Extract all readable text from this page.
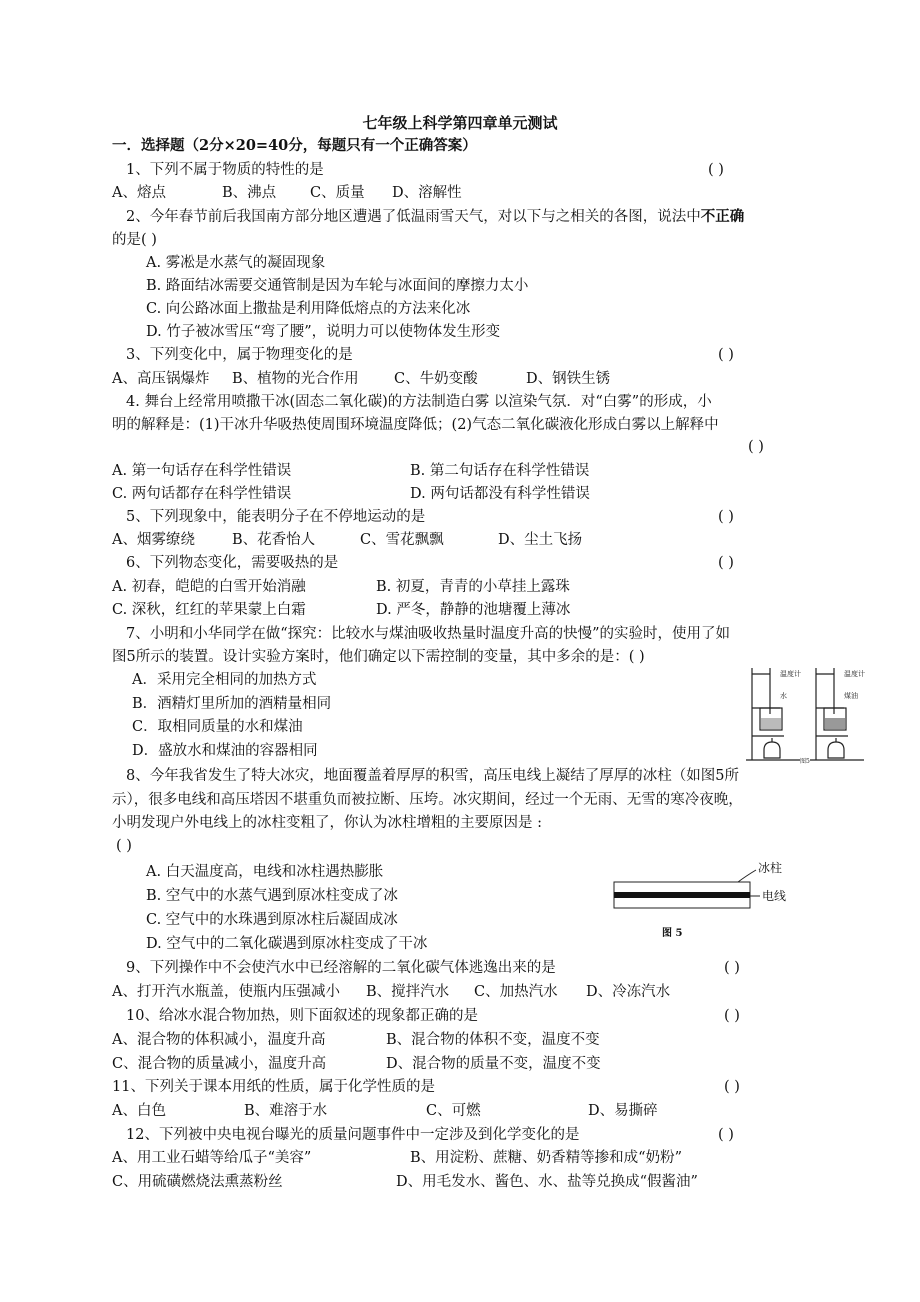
七年级上科学第四章单元测试
一．选择题（2分×20=40分，每题只有一个正确答案）
1、下列不属于物质的特性的是	( )
A、熔点	B、沸点 C、质量 D、溶解性
2、今年春节前后我国南方部分地区遭遇了低温雨雪天气，对以下与之相关的各图，说法中不正确
的是( )
A. 雾凇是水蒸气的凝固现象
B. 路面结冰需要交通管制是因为车轮与冰面间的摩擦力太小
C. 向公路冰面上撒盐是利用降低熔点的方法来化冰
D. 竹子被冰雪压“弯了腰”，说明力可以使物体发生形变
3、下列变化中，属于物理变化的是	( )
A、高压锅爆炸 B、植物的光合作用 C、牛奶变酸	D、钢铁生锈
4. 舞台上经常用喷撒干冰(固态二氧化碳)的方法制造白雾 以渲染气氛．对“白雾”的形成，小
明的解释是：(1)干冰升华吸热使周围环境温度降低；(2)气态二氧化碳液化形成白雾以上解释中
( )
A. 第一句话存在科学性错误	B. 第二句话存在科学性错误
C. 两句话都存在科学性错误	D. 两句话都没有科学性错误
5、下列现象中，能表明分子在不停地运动的是	( )
A、烟雾缭绕	B、花香怡人	C、雪花飘飘	D、尘土飞扬
6、下列物态变化，需要吸热的是	( )
A. 初春，皑皑的白雪开始消融	B. 初夏，青青的小草挂上露珠
C. 深秋，红红的苹果蒙上白霜	D. 严冬，静静的池塘覆上薄冰
7、小明和小华同学在做“探究：比较水与煤油吸收热量时温度升高的快慢”的实验时，使用了如
图5所示的装置。设计实验方案时，他们确定以下需控制的变量，其中多余的是：( )
A．采用完全相同的加热方式
B．酒精灯里所加的酒精量相同
C．取相同质量的水和煤油
D．盛放水和煤油的容器相同
温度计
水
温度计
煤油
图5
8、今年我省发生了特大冰灾，地面覆盖着厚厚的积雪，高压电线上凝结了厚厚的冰柱（如图5所
示），很多电线和高压塔因不堪重负而被拉断、压垮。冰灾期间，经过一个无雨、无雪的寒冷夜晚，
小明发现户外电线上的冰柱变粗了，你认为冰柱增粗的主要原因是 :
( )
A. 白天温度高，电线和冰柱遇热膨胀
B. 空气中的水蒸气遇到原冰柱变成了冰
C. 空气中的水珠遇到原冰柱后凝固成冰
D. 空气中的二氧化碳遇到原冰柱变成了干冰
冰柱
电线
图 5
9、下列操作中不会使汽水中已经溶解的二氧化碳气体逃逸出来的是	( )
A、打开汽水瓶盖，使瓶内压强减小 B、搅拌汽水 C、加热汽水 D、冷冻汽水
10、给冰水混合物加热，则下面叙述的现象都正确的是	( )
A、混合物的体积减小，温度升高	B、混合物的体积不变，温度不变
C、混合物的质量减小，温度升高	D、混合物的质量不变，温度不变
11、下列关于课本用纸的性质，属于化学性质的是	( )
A、白色	B、难溶于水	C、可燃	D、易撕碎
12、下列被中央电视台曝光的质量问题事件中一定涉及到化学变化的是	( )
A、用工业石蜡等给瓜子“美容”	B、用淀粉、蔗糖、奶香精等掺和成“奶粉”
C、用硫磺燃烧法熏蒸粉丝	D、用毛发水、酱色、水、盐等兑换成“假酱油”
